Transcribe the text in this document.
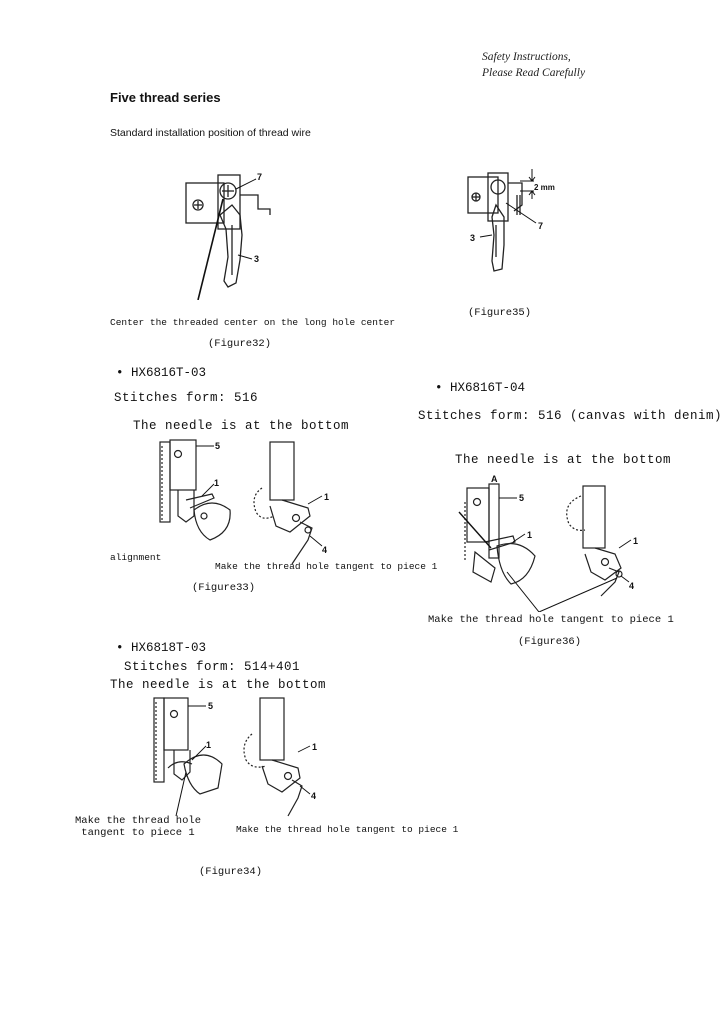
Safety Instructions,
Please Read Carefully
Five thread series
Standard installation position of thread wire
7
3
Center the threaded center on the long hole center
(Figure32)
2 mm
7
3
(Figure35)
• HX6816T-03
Stitches form: 516
The needle is at the bottom
5
1
1
4
alignment
Make the thread hole tangent to piece 1
(Figure33)
• HX6816T-04
Stitches form: 516 (canvas with denim)
The needle is at the bottom
A
5
1
1
4
Make the thread hole tangent to piece 1
(Figure36)
• HX6818T-03
Stitches form: 514+401
The needle is at the bottom
5
1	1
4
Make the thread hole
tangent to piece 1	Make the thread hole tangent to piece 1
(Figure34)
